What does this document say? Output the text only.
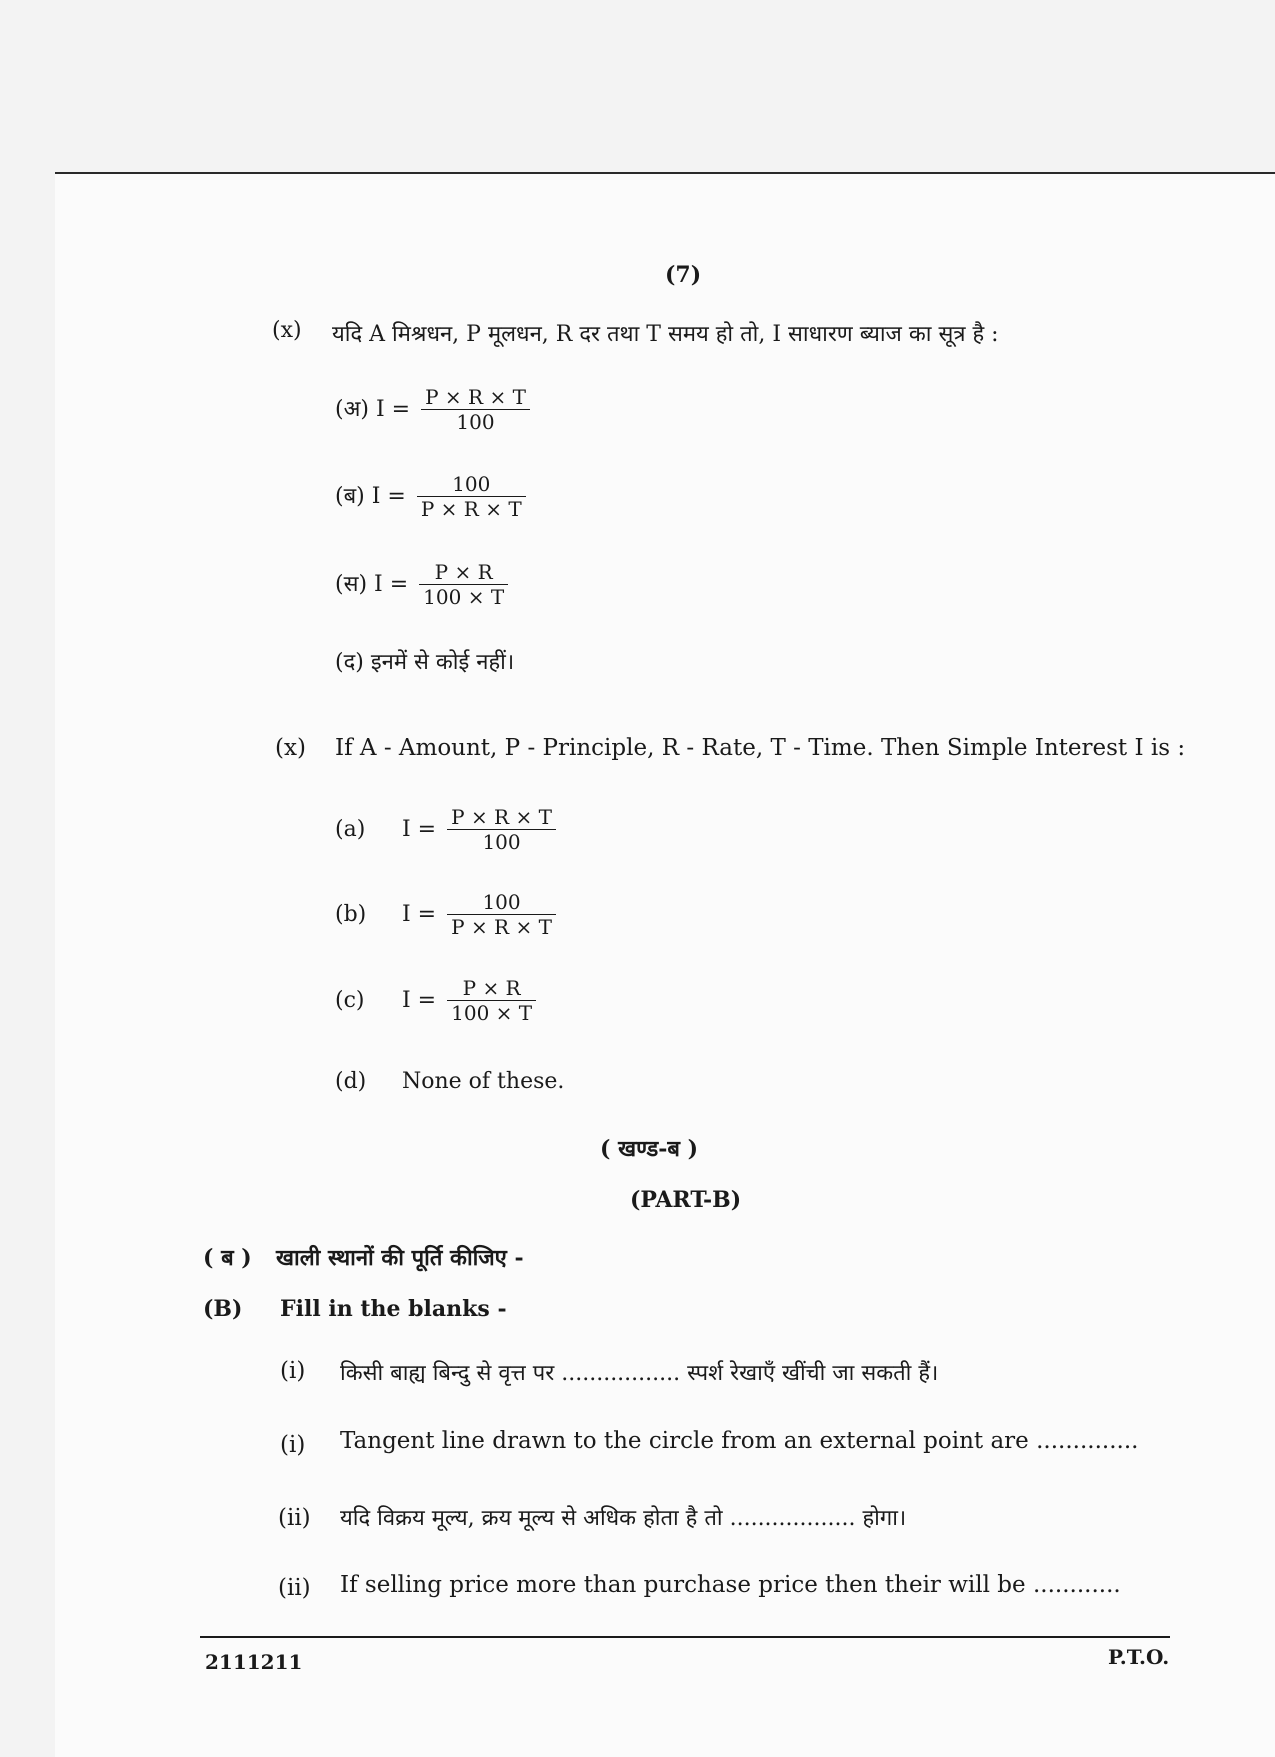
(7)
(x) यदि A मिश्रधन, P मूलधन, R दर तथा T समय हो तो, I साधारण ब्याज का सूत्र है :
(अ) $I = \frac{P \times R \times T}{100}$
(ब) $I = \frac{100}{P \times R \times T}$
(स) $I = \frac{P \times R}{100 \times T}$
(द) इनमें से कोई नहीं।
(x) If A - Amount, P - Principle, R - Rate, T - Time. Then Simple Interest I is :
(a) $I = \frac{P \times R \times T}{100}$
(b) $I = \frac{100}{P \times R \times T}$
(c) $I = \frac{P \times R}{100 \times T}$
(d) None of these.
( खण्ड-ब )
(PART-B)
( ब ) खाली स्थानों की पूर्ति कीजिए -
(B) Fill in the blanks -
(i) किसी बाह्य बिन्दु से वृत्त पर ................. स्पर्श रेखाएँ खींची जा सकती हैं।
(i) Tangent line drawn to the circle from an external point are ..............
(ii) यदि विक्रय मूल्य, क्रय मूल्य से अधिक होता है तो .................. होगा।
(ii) If selling price more than purchase price then their will be ............
2111211	P.T.O.
